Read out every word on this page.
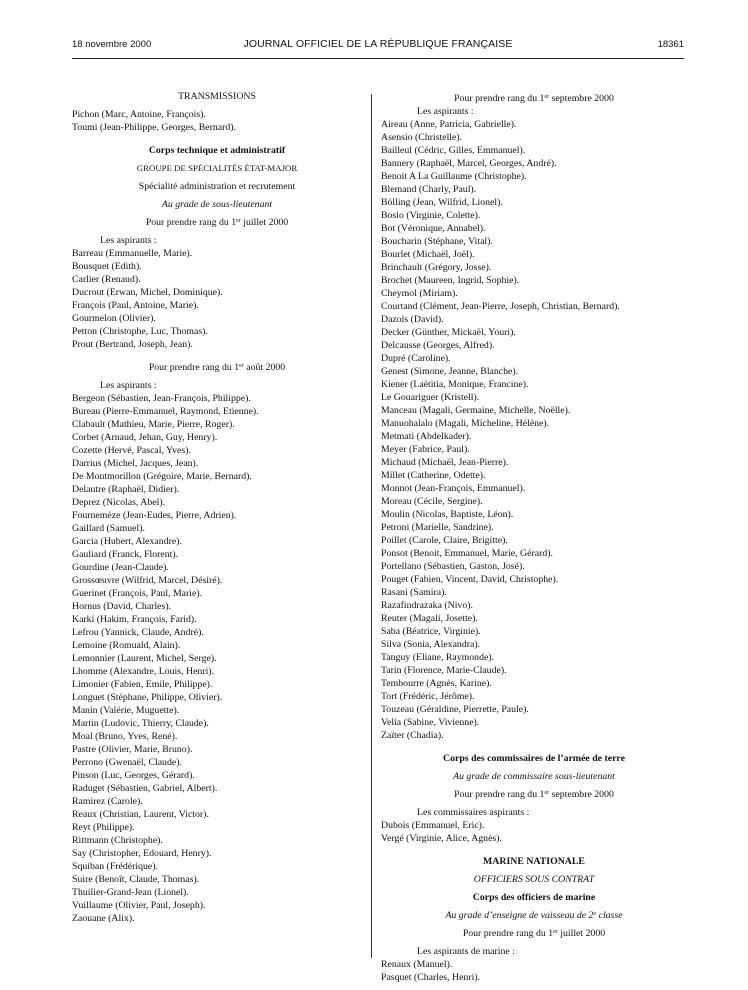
18 novembre 2000	JOURNAL OFFICIEL DE LA RÉPUBLIQUE FRANÇAISE	18361
TRANSMISSIONS
Pichon (Marc, Antoine, François).
Toumi (Jean-Philippe, Georges, Bernard).
Corps technique et administratif
GROUPE DE SPÉCIALITÉS ÉTAT-MAJOR
Spécialité administration et recrutement
Au grade de sous-lieutenant
Pour prendre rang du 1er juillet 2000
Les aspirants :
Barreau (Emmanuelle, Marie).
Bousquet (Edith).
Carlier (Renaud).
Ducrout (Erwan, Michel, Dominique).
François (Paul, Antoine, Marie).
Gourmelon (Olivier).
Petton (Christophe, Luc, Thomas).
Prout (Bertrand, Joseph, Jean).
Pour prendre rang du 1er août 2000
Les aspirants :
Bergeon (Sébastien, Jean-François, Philippe).
Bureau (Pierre-Emmanuel, Raymond, Etienne).
Clabault (Mathieu, Marie, Pierre, Roger).
Corbet (Arnaud, Jehan, Guy, Henry).
Cozette (Hervé, Pascal, Yves).
Darrius (Michel, Jacques, Jean).
De Montmorillon (Grégoire, Marie, Bernard).
Delautre (Raphaël, Didier).
Deprez (Nicolas, Abel).
Fournemèze (Jean-Eudes, Pierre, Adrien).
Gaillard (Samuel).
Garcia (Hubert, Alexandre).
Gauliard (Franck, Florent).
Gourdine (Jean-Claude).
Grossœuvre (Wilfrid, Marcel, Désiré).
Guerinet (François, Paul, Marie).
Hornus (David, Charles).
Karki (Hakim, François, Farid).
Lefrou (Yannick, Claude, André).
Lemoine (Romuald, Alain).
Lemonnier (Laurent, Michel, Serge).
Lhomme (Alexandre, Louis, Henri).
Limonier (Fabien, Emile, Philippe).
Longuet (Stéphane, Philippe, Olivier).
Manin (Valérie, Muguette).
Martin (Ludovic, Thierry, Claude).
Moal (Bruno, Yves, René).
Pastre (Olivier, Marie, Bruno).
Perrono (Gwenaël, Claude).
Pinson (Luc, Georges, Gérard).
Raduget (Sébastien, Gabriel, Albert).
Ramirez (Carole).
Reaux (Christian, Laurent, Victor).
Reyt (Philippe).
Rittmann (Christophe).
Say (Christopher, Edouard, Henry).
Squiban (Frédérique).
Suire (Benoît, Claude, Thomas).
Thuilier-Grand-Jean (Lionel).
Vuillaume (Olivier, Paul, Joseph).
Zaouane (Alix).
Pour prendre rang du 1er septembre 2000
Les aspirants :
Aireau (Anne, Patricia, Gabrielle).
Asensio (Christelle).
Bailleul (Cédric, Gilles, Emmanuel).
Bannery (Raphaël, Marcel, Georges, André).
Benoit A La Guillaume (Christophe).
Blemand (Charly, Paul).
Bölling (Jean, Wilfrid, Lionel).
Bosio (Virginie, Colette).
Bot (Véronique, Annabel).
Boucharin (Stéphane, Vital).
Bourlet (Michaël, Joël).
Brinchault (Grégory, Josse).
Brochet (Maureen, Ingrid, Sophie).
Cheymol (Miriam).
Courtand (Clément, Jean-Pierre, Joseph, Christian, Bernard).
Dazols (David).
Decker (Günther, Mickaël, Youri).
Delcausse (Georges, Alfred).
Dupré (Caroline).
Genest (Simone, Jeanne, Blanche).
Kiener (Laëtitia, Monique, Francine).
Le Gouariguer (Kristell).
Manceau (Magali, Germaine, Michelle, Noëlle).
Manuohalalo (Magali, Micheline, Hélène).
Metmati (Abdelkader).
Meyer (Fabrice, Paul).
Michaud (Michaël, Jean-Pierre).
Millet (Catherine, Odette).
Monnot (Jean-François, Emmanuel).
Moreau (Cécile, Sergine).
Moulin (Nicolas, Baptiste, Léon).
Petroni (Marielle, Sandrine).
Poillet (Carole, Claire, Brigitte).
Ponsot (Benoit, Emmanuel, Marie, Gérard).
Portellano (Sébastien, Gaston, José).
Pouget (Fabien, Vincent, David, Christophe).
Rasani (Samira).
Razafindrazaka (Nivo).
Reuter (Magali, Josette).
Saba (Béatrice, Virginie).
Silva (Sonia, Alexandra).
Tanguy (Eliane, Raymonde).
Tarin (Florence, Marie-Claude).
Tembourre (Agnès, Karine).
Tort (Frédéric, Jérôme).
Touzeau (Géraldine, Pierrette, Paule).
Velia (Sabine, Vivienne).
Zaïter (Chadia).
Corps des commissaires de l’armée de terre
Au grade de commissaire sous-lieutenant
Pour prendre rang du 1er septembre 2000
Les commissaires aspirants :
Dubois (Emmanuel, Eric).
Vergé (Virginie, Alice, Agnès).
MARINE NATIONALE
OFFICIERS SOUS CONTRAT
Corps des officiers de marine
Au grade d’enseigne de vaisseau de 2e classe
Pour prendre rang du 1er juillet 2000
Les aspirants de marine :
Renaux (Manuel).
Pasquet (Charles, Henri).
